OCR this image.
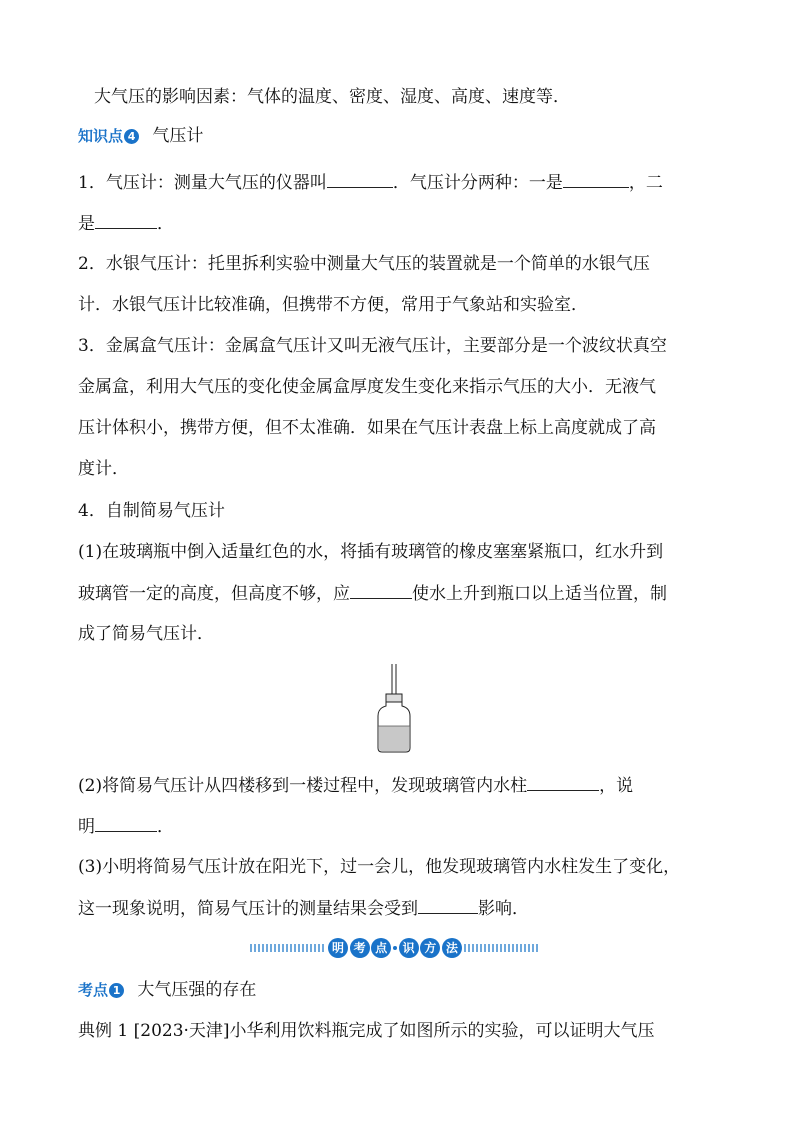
大气压的影响因素：气体的温度、密度、湿度、高度、速度等．
知识点 4 气压计
1．气压计：测量大气压的仪器叫	．气压计分两种：一是	，二
是	．
2．水银气压计：托里拆利实验中测量大气压的装置就是一个简单的水银气压
计．水银气压计比较准确，但携带不方便，常用于气象站和实验室．
3．金属盒气压计：金属盒气压计又叫无液气压计，主要部分是一个波纹状真空
金属盒，利用大气压的变化使金属盒厚度发生变化来指示气压的大小．无液气
压计体积小，携带方便，但不太准确．如果在气压计表盘上标上高度就成了高
度计．
4．自制简易气压计
(1)在玻璃瓶中倒入适量红色的水，将插有玻璃管的橡皮塞塞紧瓶口，红水升到
玻璃管一定的高度，但高度不够，应	使水上升到瓶口以上适当位置，制
成了简易气压计．
(2)将简易气压计从四楼移到一楼过程中，发现玻璃管内水柱	，说
明	．
(3)小明将简易气压计放在阳光下，过一会儿，他发现玻璃管内水柱发生了变化，
这一现象说明，简易气压计的测量结果会受到	影响．
明 考 点	识 方 法
考点 1 大气压强的存在
典例 1 [2023·天津]小华利用饮料瓶完成了如图所示的实验，可以证明大气压
